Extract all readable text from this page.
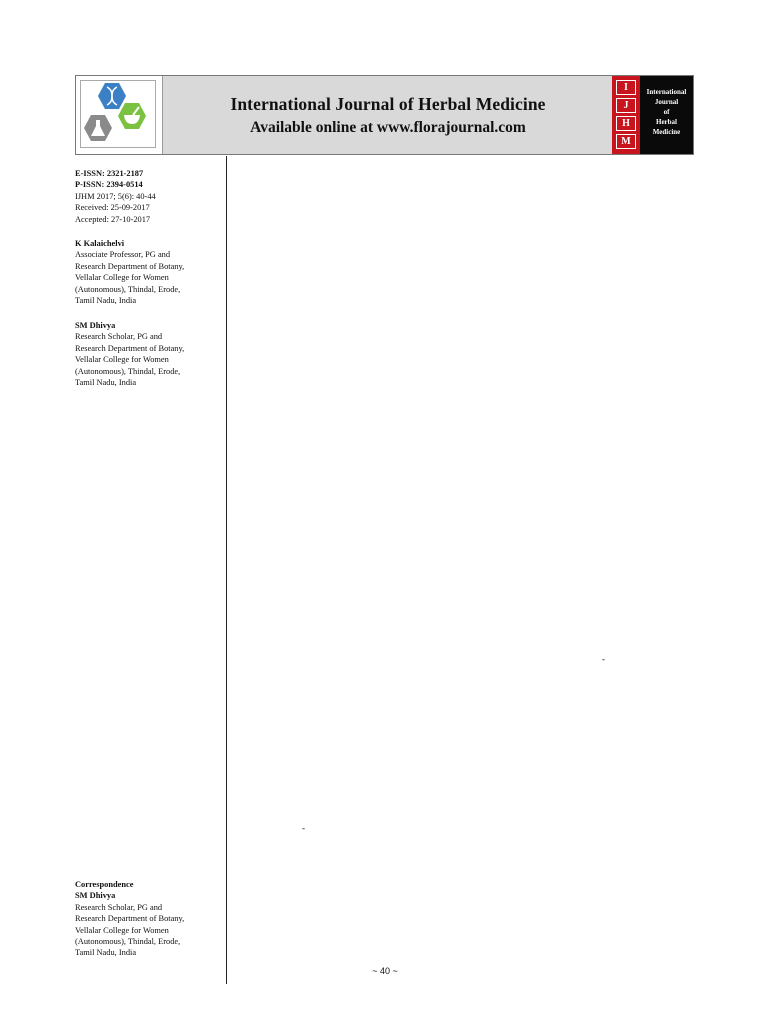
International Journal of Herbal Medicine
Available online at www.florajournal.com
I
J
H
M
International
Journal
of
Herbal
Medicine
E-ISSN: 2321-2187
P-ISSN: 2394-0514
IJHM 2017; 5(6): 40-44
Received: 25-09-2017
Accepted: 27-10-2017
K Kalaichelvi
Associate Professor, PG and
Research Department of Botany,
Vellalar College for Women
(Autonomous), Thindal, Erode,
Tamil Nadu, India
SM Dhivya
Research Scholar, PG and
Research Department of Botany,
Vellalar College for Women
(Autonomous), Thindal, Erode,
Tamil Nadu, India
Correspondence
SM Dhivya
Research Scholar, PG and
Research Department of Botany,
Vellalar College for Women
(Autonomous), Thindal, Erode,
Tamil Nadu, India
-
-
~ 40 ~
